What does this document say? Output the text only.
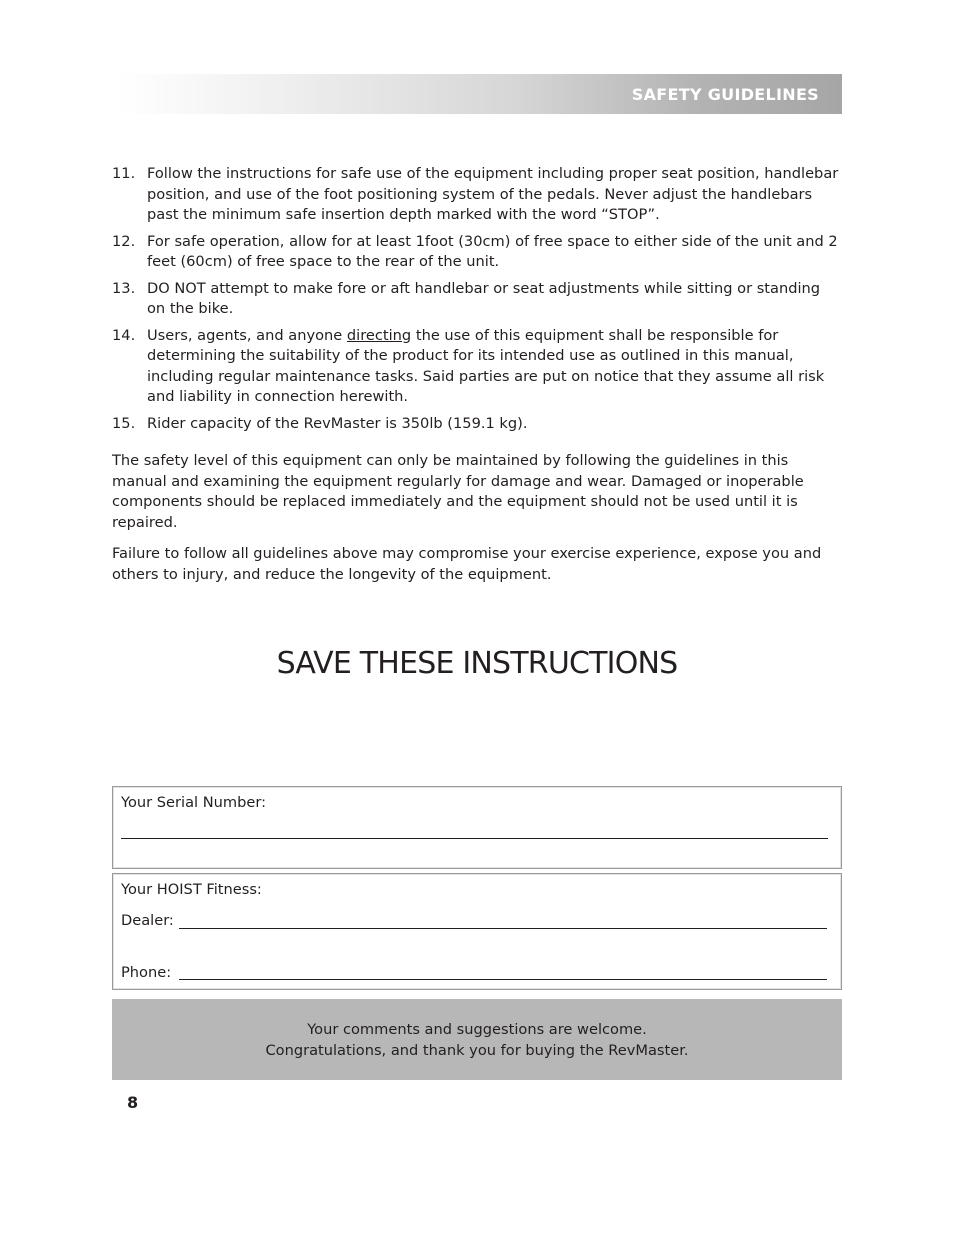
SAFETY GUIDELINES
11. Follow the instructions for safe use of the equipment including proper seat position, handlebar position, and use of the foot positioning system of the pedals. Never adjust the handlebars past the minimum safe insertion depth marked with the word “STOP”.
12. For safe operation, allow for at least 1foot (30cm) of free space to either side of the unit and 2 feet (60cm) of free space to the rear of the unit.
13. DO NOT attempt to make fore or aft handlebar or seat adjustments while sitting or standing on the bike.
14. Users, agents, and anyone directing the use of this equipment shall be responsible for determining the suitability of the product for its intended use as outlined in this manual, including regular maintenance tasks. Said parties are put on notice that they assume all risk and liability in connection herewith.
15. Rider capacity of the RevMaster is 350lb (159.1 kg).

The safety level of this equipment can only be maintained by following the guidelines in this manual and examining the equipment regularly for damage and wear. Damaged or inoperable components should be replaced immediately and the equipment should not be used until it is repaired.

Failure to follow all guidelines above may compromise your exercise experience, expose you and others to injury, and reduce the longevity of the equipment.

SAVE THESE INSTRUCTIONS
Your Serial Number:
Your HOIST Fitness:
Dealer:
Phone:
Your comments and suggestions are welcome.
Congratulations, and thank you for buying the RevMaster.
8
